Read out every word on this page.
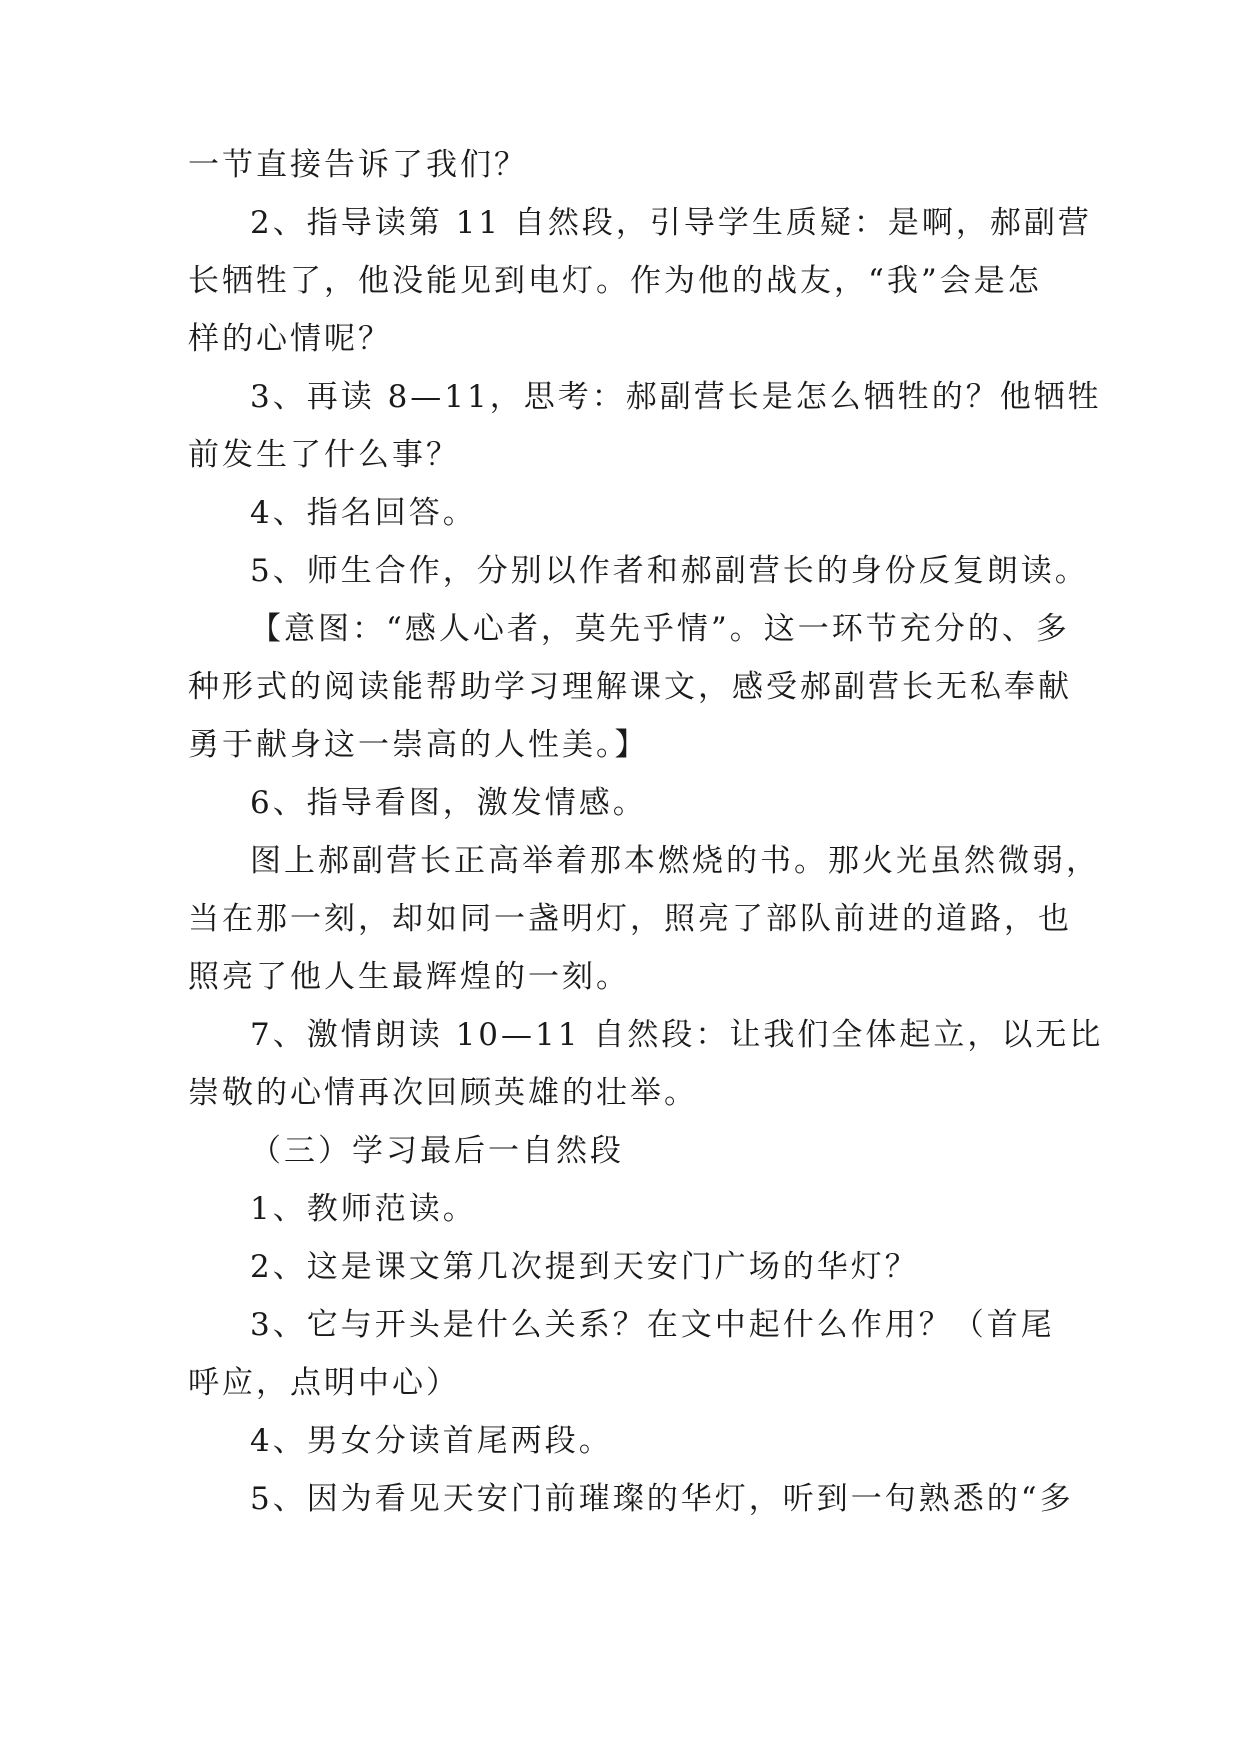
一节直接告诉了我们？
2、指导读第 11 自然段，引导学生质疑：是啊，郝副营
长牺牲了，他没能见到电灯。作为他的战友，“我”会是怎
样的心情呢？
3、再读 8—11，思考：郝副营长是怎么牺牲的？他牺牲
前发生了什么事？
4、指名回答。
5、师生合作，分别以作者和郝副营长的身份反复朗读。
【意图：“感人心者，莫先乎情”。这一环节充分的、多
种形式的阅读能帮助学习理解课文，感受郝副营长无私奉献
勇于献身这一崇高的人性美。】
6、指导看图，激发情感。
图上郝副营长正高举着那本燃烧的书。那火光虽然微弱，
当在那一刻，却如同一盏明灯，照亮了部队前进的道路，也
照亮了他人生最辉煌的一刻。
7、激情朗读 10—11 自然段：让我们全体起立，以无比
崇敬的心情再次回顾英雄的壮举。
（三）学习最后一自然段
1、教师范读。
2、这是课文第几次提到天安门广场的华灯？
3、它与开头是什么关系？在文中起什么作用？（首尾
呼应，点明中心）
4、男女分读首尾两段。
5、因为看见天安门前璀璨的华灯，听到一句熟悉的“多
